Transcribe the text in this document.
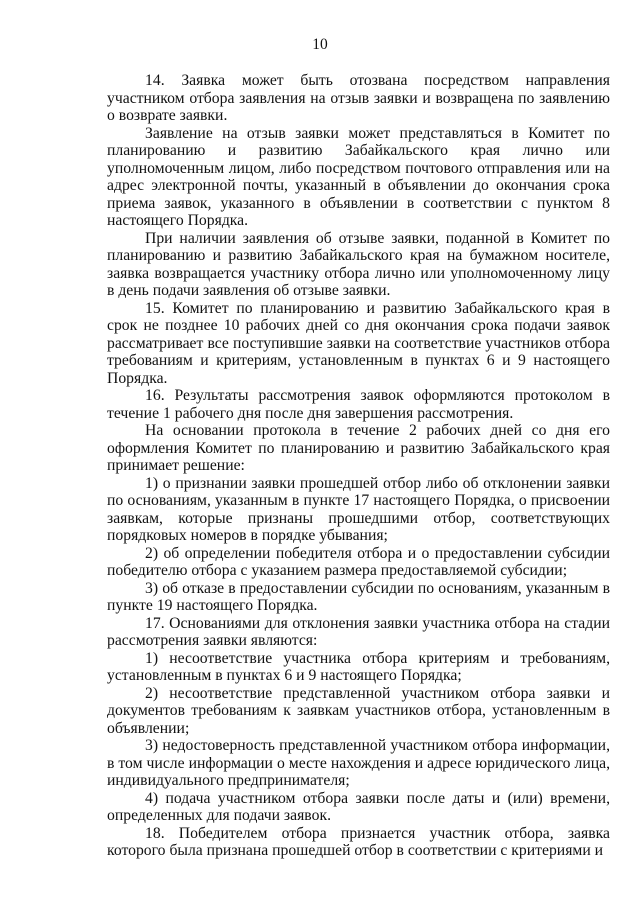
10

14. Заявка может быть отозвана посредством направления участником отбора заявления на отзыв заявки и возвращена по заявлению о возврате заявки.

Заявление на отзыв заявки может представляться в Комитет по планированию и развитию Забайкальского края лично или уполномоченным лицом, либо посредством почтового отправления или на адрес электронной почты, указанный в объявлении до окончания срока приема заявок, указанного в объявлении в соответствии с пунктом 8 настоящего Порядка.

При наличии заявления об отзыве заявки, поданной в Комитет по планированию и развитию Забайкальского края на бумажном носителе, заявка возвращается участнику отбора лично или уполномоченному лицу в день подачи заявления об отзыве заявки.

15. Комитет по планированию и развитию Забайкальского края в срок не позднее 10 рабочих дней со дня окончания срока подачи заявок рассматривает все поступившие заявки на соответствие участников отбора требованиям и критериям, установленным в пунктах 6 и 9 настоящего Порядка.

16. Результаты рассмотрения заявок оформляются протоколом в течение 1 рабочего дня после дня завершения рассмотрения.

На основании протокола в течение 2 рабочих дней со дня его оформления Комитет по планированию и развитию Забайкальского края принимает решение:

1) о признании заявки прошедшей отбор либо об отклонении заявки по основаниям, указанным в пункте 17 настоящего Порядка, о присвоении заявкам, которые признаны прошедшими отбор, соответствующих порядковых номеров в порядке убывания;

2) об определении победителя отбора и о предоставлении субсидии победителю отбора с указанием размера предоставляемой субсидии;

3) об отказе в предоставлении субсидии по основаниям, указанным в пункте 19 настоящего Порядка.

17. Основаниями для отклонения заявки участника отбора на стадии рассмотрения заявки являются:

1) несоответствие участника отбора критериям и требованиям, установленным в пунктах 6 и 9 настоящего Порядка;

2) несоответствие представленной участником отбора заявки и документов требованиям к заявкам участников отбора, установленным в объявлении;

3) недостоверность представленной участником отбора информации, в том числе информации о месте нахождения и адресе юридического лица, индивидуального предпринимателя;

4) подача участником отбора заявки после даты и (или) времени, определенных для подачи заявок.

18. Победителем отбора признается участник отбора, заявка которого была признана прошедшей отбор в соответствии с критериями и
